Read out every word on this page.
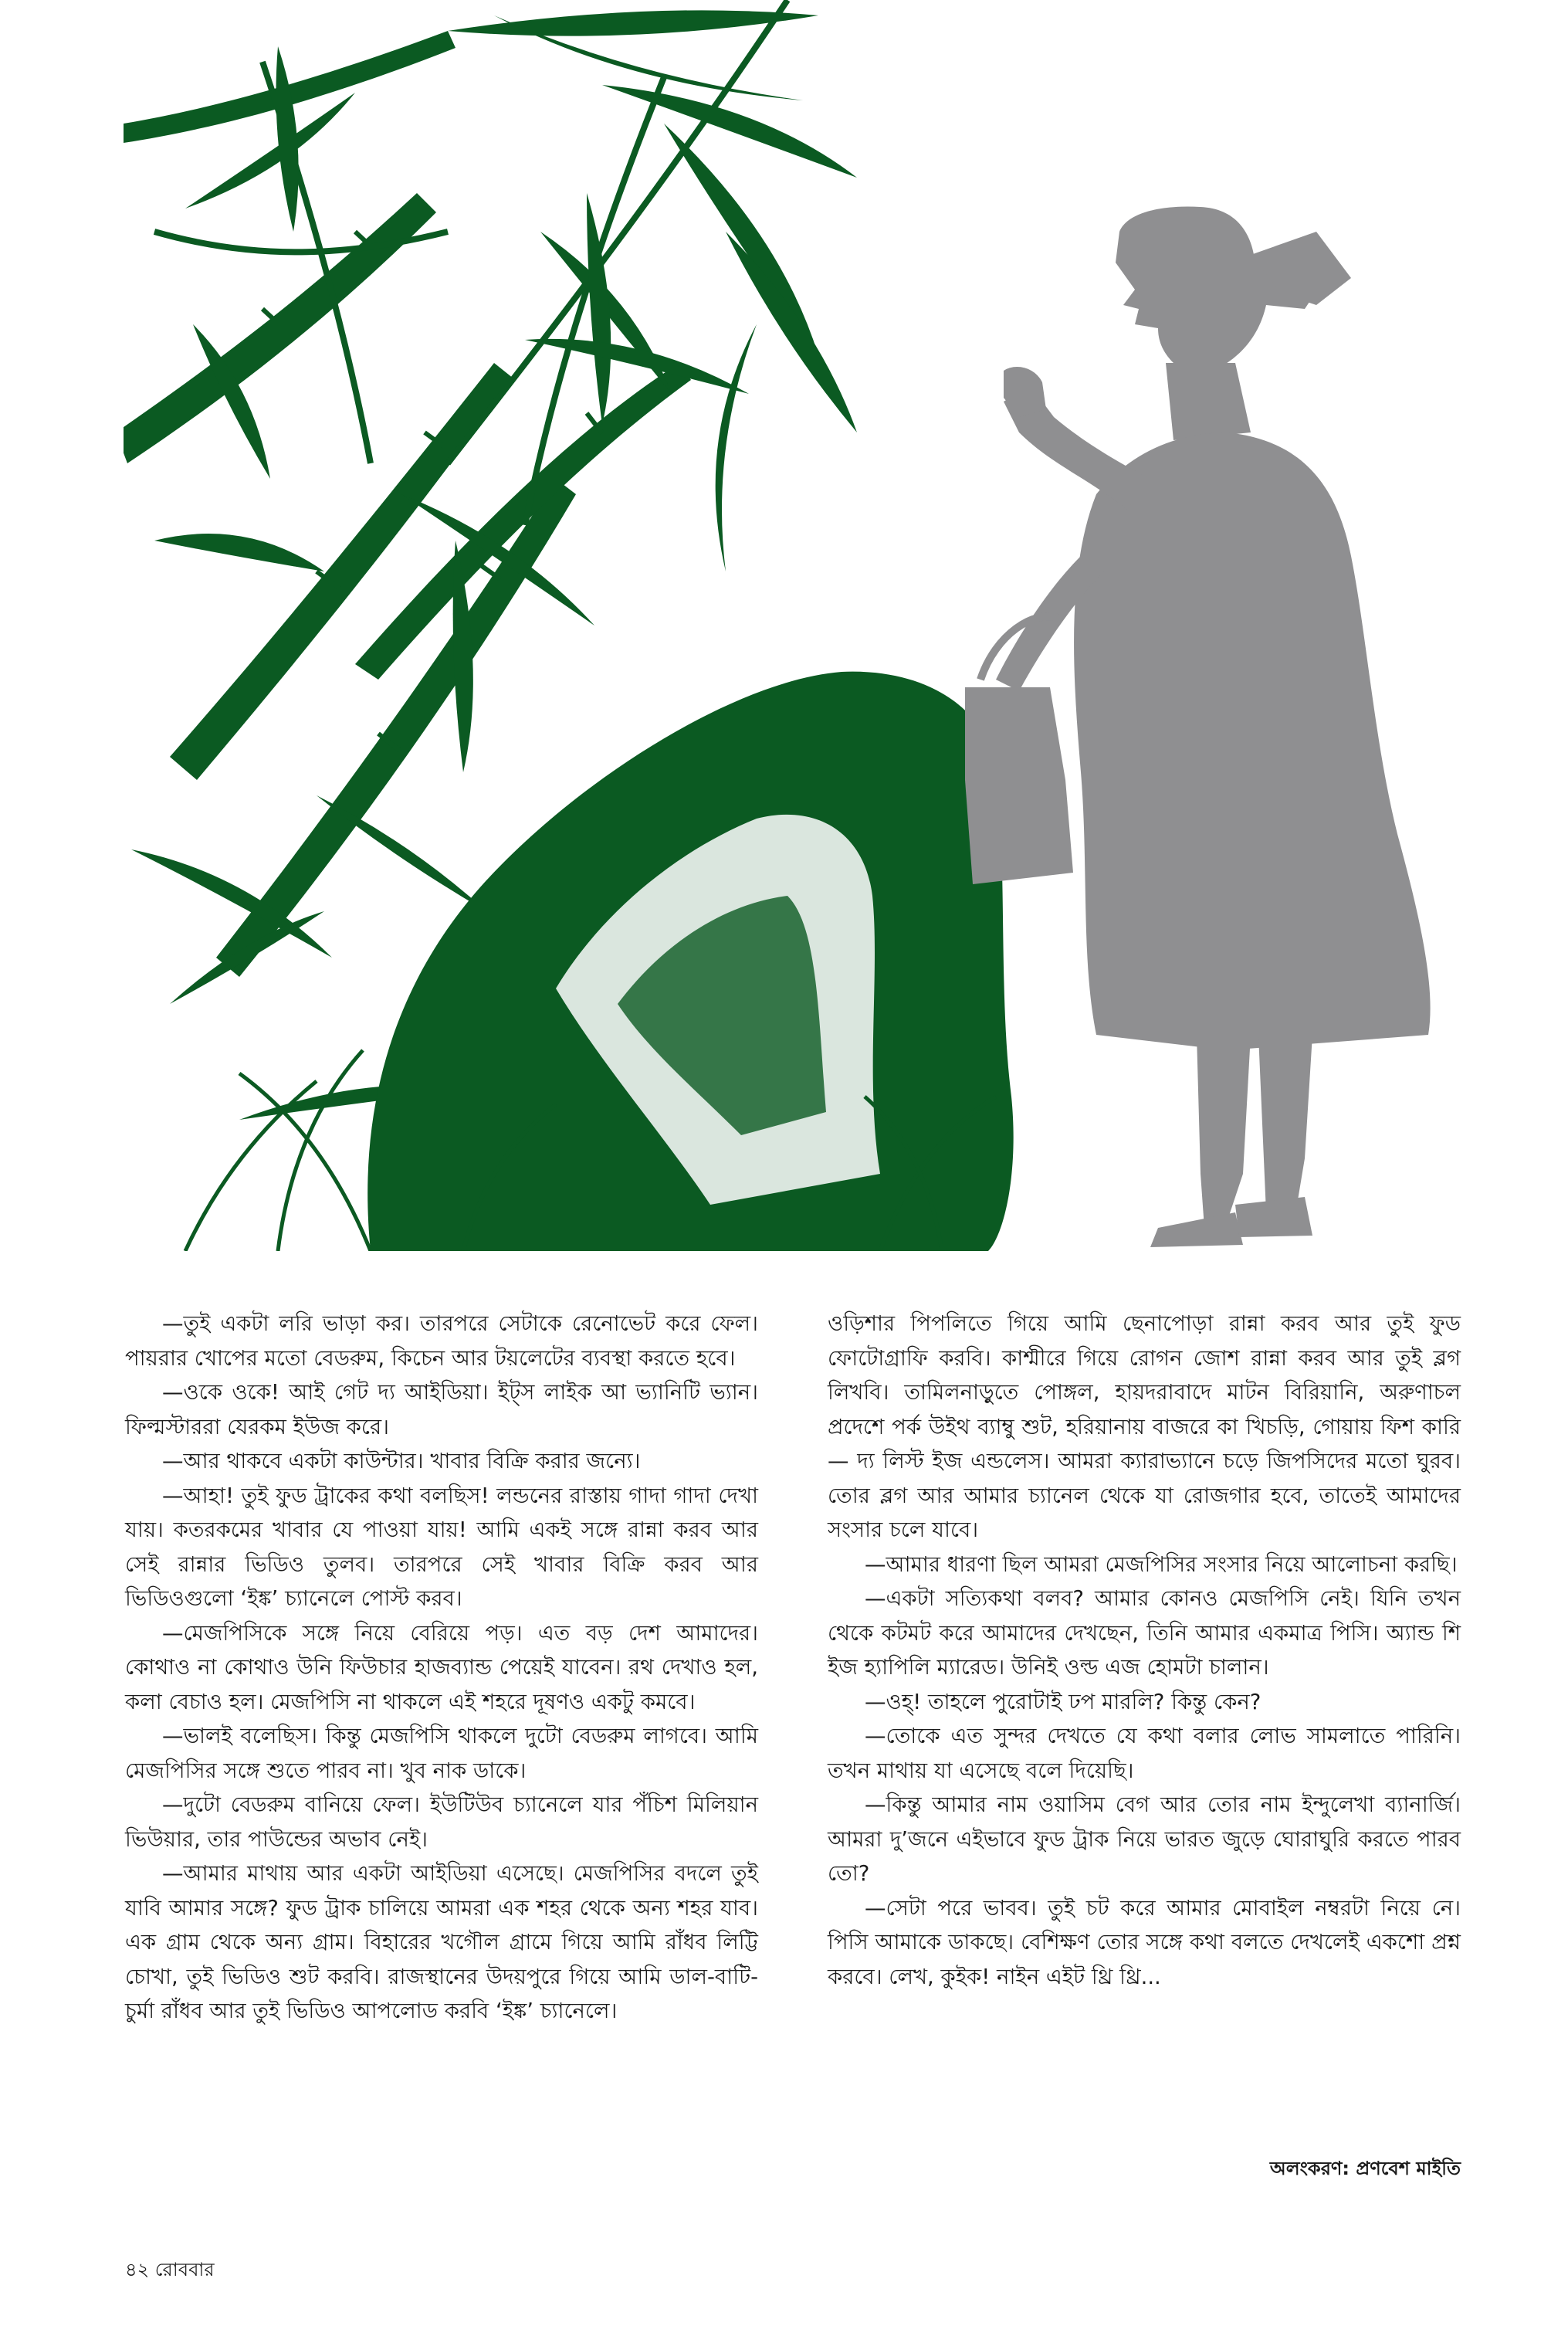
—তুই একটা লরি ভাড়া কর। তারপরে সেটাকে রেনোভেট করে ফেল। পায়রার খোপের মতো বেডরুম, কিচেন আর টয়লেটের ব্যবস্থা করতে হবে।

—ওকে ওকে! আই গেট দ্য আইডিয়া। ইট্‌স লাইক আ ভ্যানিটি ভ্যান। ফিল্মস্টাররা যেরকম ইউজ করে।

—আর থাকবে একটা কাউন্টার। খাবার বিক্রি করার জন্যে।

—আহা! তুই ফুড ট্রাকের কথা বলছিস! লন্ডনের রাস্তায় গাদা গাদা দেখা যায়। কতরকমের খাবার যে পাওয়া যায়! আমি একই সঙ্গে রান্না করব আর সেই রান্নার ভিডিও তুলব। তারপরে সেই খাবার বিক্রি করব আর ভিডিওগুলো ‘ইঙ্ক’ চ্যানেলে পোস্ট করব।

—মেজপিসিকে সঙ্গে নিয়ে বেরিয়ে পড়। এত বড় দেশ আমাদের। কোথাও না কোথাও উনি ফিউচার হাজব্যান্ড পেয়েই যাবেন। রথ দেখাও হল, কলা বেচাও হল। মেজপিসি না থাকলে এই শহরে দূষণও একটু কমবে।

—ভালই বলেছিস। কিন্তু মেজপিসি থাকলে দুটো বেডরুম লাগবে। আমি মেজপিসির সঙ্গে শুতে পারব না। খুব নাক ডাকে।

—দুটো বেডরুম বানিয়ে ফেল। ইউটিউব চ্যানেলে যার পঁচিশ মিলিয়ান ভিউয়ার, তার পাউন্ডের অভাব নেই।

—আমার মাথায় আর একটা আইডিয়া এসেছে। মেজপিসির বদলে তুই যাবি আমার সঙ্গে? ফুড ট্রাক চালিয়ে আমরা এক শহর থেকে অন্য শহর যাব। এক গ্রাম থেকে অন্য গ্রাম। বিহারের খগৌল গ্রামে গিয়ে আমি রাঁধব লিট্টি চোখা, তুই ভিডিও শুট করবি। রাজস্থানের উদয়পুরে গিয়ে আমি ডাল-বাটি-চুর্মা রাঁধব আর তুই ভিডিও আপলোড করবি ‘ইঙ্ক’ চ্যানেলে।

ওড়িশার পিপলিতে গিয়ে আমি ছেনাপোড়া রান্না করব আর তুই ফুড ফোটোগ্রাফি করবি। কাশ্মীরে গিয়ে রোগন জোশ রান্না করব আর তুই ব্লগ লিখবি। তামিলনাড়ুতে পোঙ্গল, হায়দরাবাদে মাটন বিরিয়ানি, অরুণাচল প্রদেশে পর্ক উইথ ব্যাম্বু শুট, হরিয়ানায় বাজরে কা খিচড়ি, গোয়ায় ফিশ কারি— দ্য লিস্ট ইজ এন্ডলেস। আমরা ক্যারাভ্যানে চড়ে জিপসিদের মতো ঘুরব। তোর ব্লগ আর আমার চ্যানেল থেকে যা রোজগার হবে, তাতেই আমাদের সংসার চলে যাবে।

—আমার ধারণা ছিল আমরা মেজপিসির সংসার নিয়ে আলোচনা করছি।

—একটা সত্যিকথা বলব? আমার কোনও মেজপিসি নেই। যিনি তখন থেকে কটমট করে আমাদের দেখছেন, তিনি আমার একমাত্র পিসি। অ্যান্ড শি ইজ হ্যাপিলি ম্যারেড। উনিই ওল্ড এজ হোমটা চালান।

—ওহ্! তাহলে পুরোটাই ঢপ মারলি? কিন্তু কেন?

—তোকে এত সুন্দর দেখতে যে কথা বলার লোভ সামলাতে পারিনি। তখন মাথায় যা এসেছে বলে দিয়েছি।

—কিন্তু আমার নাম ওয়াসিম বেগ আর তোর নাম ইন্দুলেখা ব্যানার্জি। আমরা দু’জনে এইভাবে ফুড ট্রাক নিয়ে ভারত জুড়ে ঘোরাঘুরি করতে পারব তো?

—সেটা পরে ভাবব। তুই চট করে আমার মোবাইল নম্বরটা নিয়ে নে। পিসি আমাকে ডাকছে। বেশিক্ষণ তোর সঙ্গে কথা বলতে দেখলেই একশো প্রশ্ন করবে। লেখ, কুইক! নাইন এইট থ্রি থ্রি...

অলংকরণ: প্রণবেশ মাইতি
৪২ রোববার
